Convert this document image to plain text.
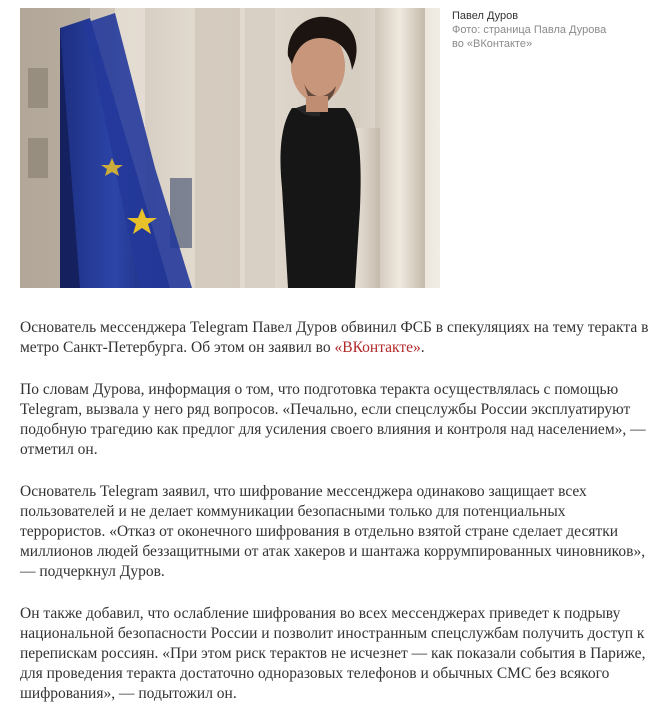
Павел Дуров
Фото: страница Павла Дурова
во «ВКонтакте»

Основатель мессенджера Telegram Павел Дуров обвинил ФСБ в спекуляциях на тему теракта в метро Санкт-Петербурга. Об этом он заявил во «ВКонтакте».

По словам Дурова, информация о том, что подготовка теракта осуществлялась с помощью Telegram, вызвала у него ряд вопросов. «Печально, если спецслужбы России эксплуатируют подобную трагедию как предлог для усиления своего влияния и контроля над населением», — отметил он.

Основатель Telegram заявил, что шифрование мессенджера одинаково защищает всех пользователей и не делает коммуникации безопасными только для потенциальных террористов. «Отказ от оконечного шифрования в отдельно взятой стране сделает десятки миллионов людей беззащитными от атак хакеров и шантажа коррумпированных чиновников», — подчеркнул Дуров.

Он также добавил, что ослабление шифрования во всех мессенджерах приведет к подрыву национальной безопасности России и позволит иностранным спецслужбам получить доступ к перепискам россиян. «При этом риск терактов не исчезнет — как показали события в Париже, для проведения теракта достаточно одноразовых телефонов и обычных СМС без всякого шифрования», — подытожил он.
